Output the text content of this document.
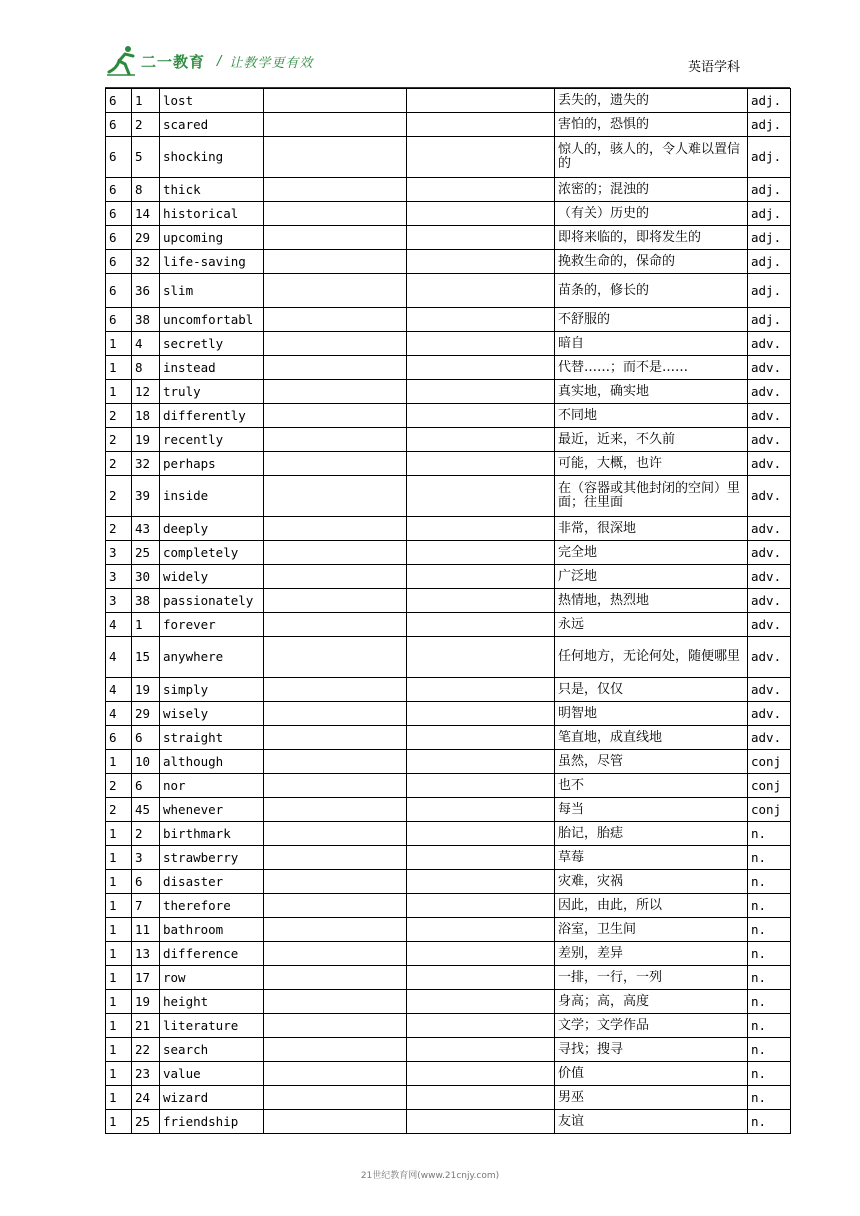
二一教育 / 让教学更有效	英语学科
6	1	lost			丢失的，遗失的	adj.
6	2	scared			害怕的，恐惧的	adj.
6	5	shocking			惊人的，骇人的，令人难以置信的	adj.
6	8	thick			浓密的；混浊的	adj.
6	14	historical			（有关）历史的	adj.
6	29	upcoming			即将来临的，即将发生的	adj.
6	32	life-saving			挽救生命的，保命的	adj.
6	36	slim			苗条的，修长的	adj.
6	38	uncomfortabl			不舒服的	adj.
1	4	secretly			暗自	adv.
1	8	instead			代替……；而不是……	adv.
1	12	truly			真实地，确实地	adv.
2	18	differently			不同地	adv.
2	19	recently			最近，近来，不久前	adv.
2	32	perhaps			可能，大概，也许	adv.
2	39	inside			在（容器或其他封闭的空间）里面；往里面	adv.
2	43	deeply			非常，很深地	adv.
3	25	completely			完全地	adv.
3	30	widely			广泛地	adv.
3	38	passionately			热情地，热烈地	adv.
4	1	forever			永远	adv.
4	15	anywhere			任何地方，无论何处，随便哪里	adv.
4	19	simply			只是，仅仅	adv.
4	29	wisely			明智地	adv.
6	6	straight			笔直地，成直线地	adv.
1	10	although			虽然，尽管	conj
2	6	nor			也不	conj
2	45	whenever			每当	conj
1	2	birthmark			胎记，胎痣	n.
1	3	strawberry			草莓	n.
1	6	disaster			灾难，灾祸	n.
1	7	therefore			因此，由此，所以	n.
1	11	bathroom			浴室，卫生间	n.
1	13	difference			差别，差异	n.
1	17	row			一排，一行，一列	n.
1	19	height			身高；高，高度	n.
1	21	literature			文学；文学作品	n.
1	22	search			寻找；搜寻	n.
1	23	value			价值	n.
1	24	wizard			男巫	n.
1	25	friendship			友谊	n.
21世纪教育网(www.21cnjy.com)
